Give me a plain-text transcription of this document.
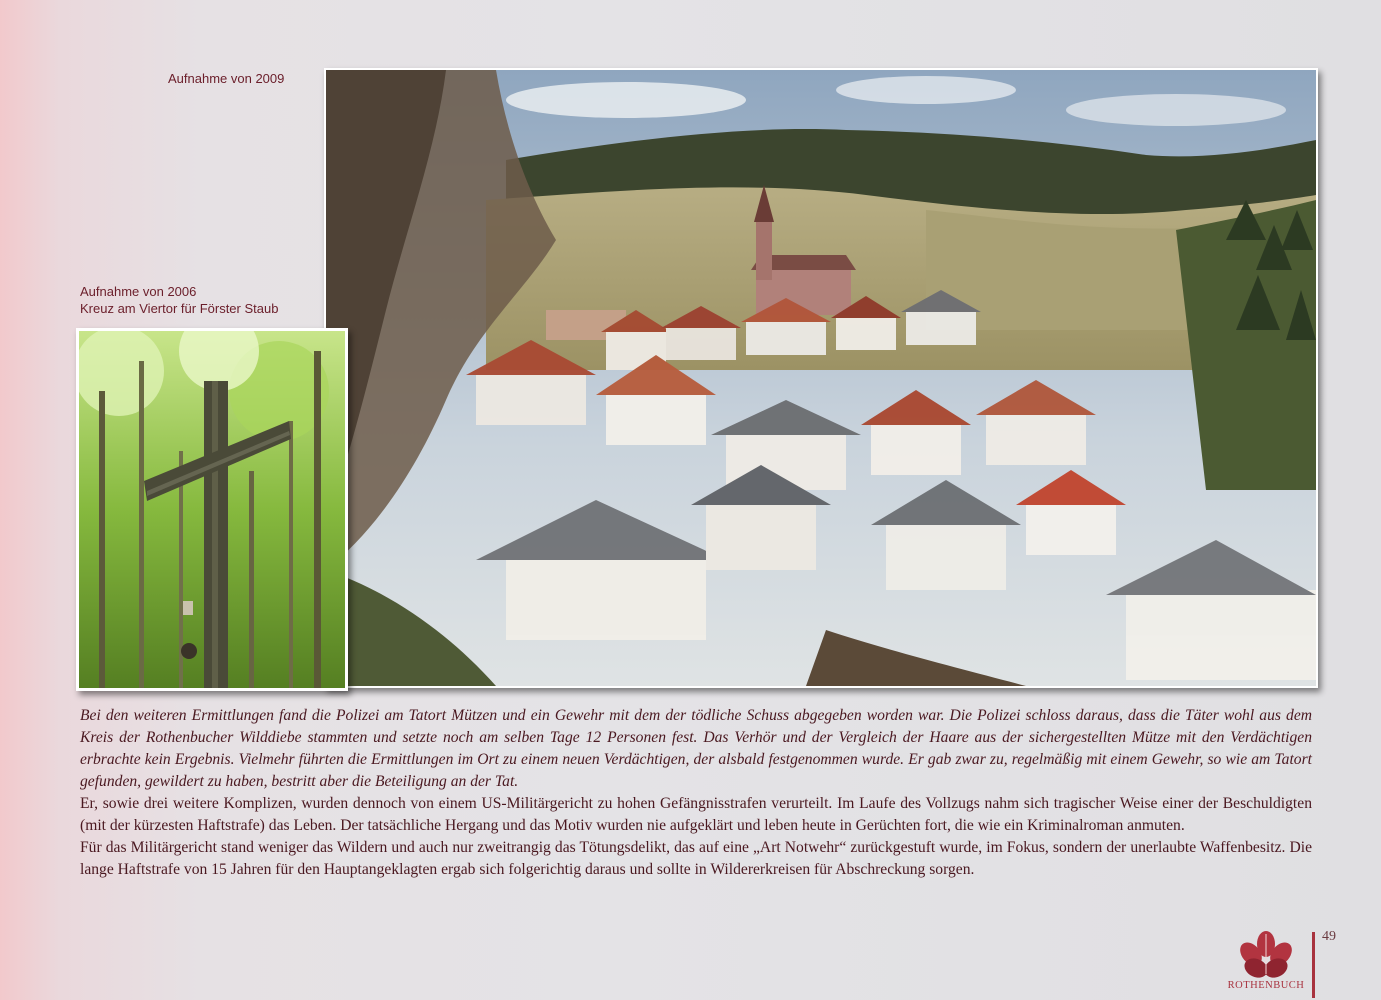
Aufnahme von 2009
Aufnahme von 2006
Kreuz am Viertor für Förster Staub

Bei den weiteren Ermittlungen fand die Polizei am Tatort Mützen und ein Gewehr mit dem der tödliche Schuss abgegeben worden war. Die Polizei schloss daraus, dass die Täter wohl aus dem Kreis der Rothenbucher Wilddiebe stammten und setzte noch am selben Tage 12 Personen fest. Das Verhör und der Vergleich der Haare aus der sichergestellten Mütze mit den Verdächtigen erbrachte kein Ergebnis. Vielmehr führten die Ermittlungen im Ort zu einem neuen Verdächtigen, der alsbald festgenommen wurde. Er gab zwar zu, regelmäßig mit einem Gewehr, so wie am Tatort gefunden, gewildert zu haben, bestritt aber die Beteiligung an der Tat.

Er, sowie drei weitere Komplizen, wurden dennoch von einem US-Militärgericht zu hohen Gefängnisstrafen verurteilt. Im Laufe des Vollzugs nahm sich tragischer Weise einer der Beschuldigten (mit der kürzesten Haftstrafe) das Leben. Der tatsächliche Hergang und das Motiv wurden nie aufgeklärt und leben heute in Gerüchten fort, die wie ein Kriminalroman anmuten.

Für das Militärgericht stand weniger das Wildern und auch nur zweitrangig das Tötungsdelikt, das auf eine „Art Notwehr“ zurückgestuft wurde, im Fokus, sondern der unerlaubte Waffenbesitz. Die lange Haftstrafe von 15 Jahren für den Hauptangeklagten ergab sich folgerichtig daraus und sollte in Wildererkreisen für Abschreckung sorgen.

ROTHENBUCH
49
